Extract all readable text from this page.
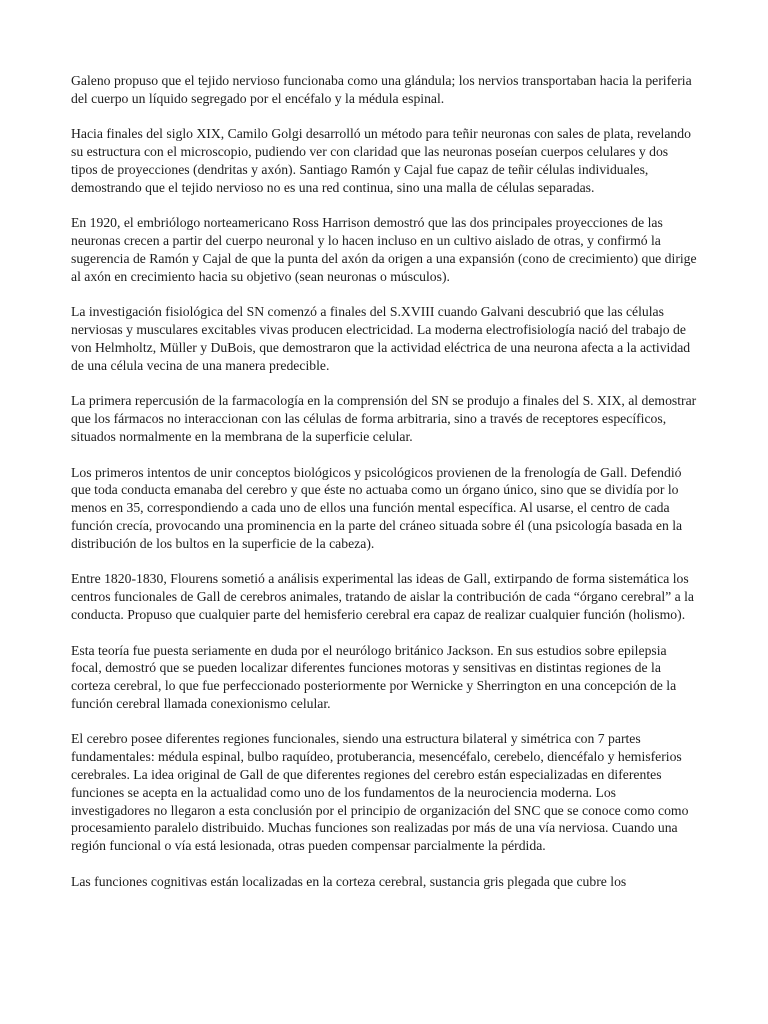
Galeno propuso que el tejido nervioso funcionaba como una glándula; los nervios transportaban hacia la periferia del cuerpo un líquido segregado por el encéfalo y la médula espinal.

Hacia finales del siglo XIX, Camilo Golgi desarrolló un método para teñir neuronas con sales de plata, revelando su estructura con el microscopio, pudiendo ver con claridad que las neuronas poseían cuerpos celulares y dos tipos de proyecciones (dendritas y axón). Santiago Ramón y Cajal fue capaz de teñir células individuales, demostrando que el tejido nervioso no es una red continua, sino una malla de células separadas.

En 1920, el embriólogo norteamericano Ross Harrison demostró que las dos principales proyecciones de las neuronas crecen a partir del cuerpo neuronal y lo hacen incluso en un cultivo aislado de otras, y confirmó la sugerencia de Ramón y Cajal de que la punta del axón da origen a una expansión (cono de crecimiento) que dirige al axón en crecimiento hacia su objetivo (sean neuronas o músculos).

La investigación fisiológica del SN comenzó a finales del S.XVIII cuando Galvani descubrió que las células nerviosas y musculares excitables vivas producen electricidad. La moderna electrofisiología nació del trabajo de von Helmholtz, Müller y DuBois, que demostraron que la actividad eléctrica de una neurona afecta a la actividad de una célula vecina de una manera predecible.

La primera repercusión de la farmacología en la comprensión del SN se produjo a finales del S. XIX, al demostrar que los fármacos no interaccionan con las células de forma arbitraria, sino a través de receptores específicos, situados normalmente en la membrana de la superficie celular.

Los primeros intentos de unir conceptos biológicos y psicológicos provienen de la frenología de Gall. Defendió que toda conducta emanaba del cerebro y que éste no actuaba como un órgano único, sino que se dividía por lo menos en 35, correspondiendo a cada uno de ellos una función mental específica. Al usarse, el centro de cada función crecía, provocando una prominencia en la parte del cráneo situada sobre él (una psicología basada en la distribución de los bultos en la superficie de la cabeza).

Entre 1820-1830, Flourens sometió a análisis experimental las ideas de Gall, extirpando de forma sistemática los centros funcionales de Gall de cerebros animales, tratando de aislar la contribución de cada “órgano cerebral” a la conducta. Propuso que cualquier parte del hemisferio cerebral era capaz de realizar cualquier función (holismo).

Esta teoría fue puesta seriamente en duda por el neurólogo británico Jackson. En sus estudios sobre epilepsia focal, demostró que se pueden localizar diferentes funciones motoras y sensitivas en distintas regiones de la corteza cerebral, lo que fue perfeccionado posteriormente por Wernicke y Sherrington en una concepción de la función cerebral llamada conexionismo celular.

El cerebro posee diferentes regiones funcionales, siendo una estructura bilateral y simétrica con 7 partes fundamentales: médula espinal, bulbo raquídeo, protuberancia, mesencéfalo, cerebelo, diencéfalo y hemisferios cerebrales. La idea original de Gall de que diferentes regiones del cerebro están especializadas en diferentes funciones se acepta en la actualidad como uno de los fundamentos de la neurociencia moderna. Los investigadores no llegaron a esta conclusión por el principio de organización del SNC que se conoce como como procesamiento paralelo distribuido. Muchas funciones son realizadas por más de una vía nerviosa. Cuando una región funcional o vía está lesionada, otras pueden compensar parcialmente la pérdida.

Las funciones cognitivas están localizadas en la corteza cerebral, sustancia gris plegada que cubre los
